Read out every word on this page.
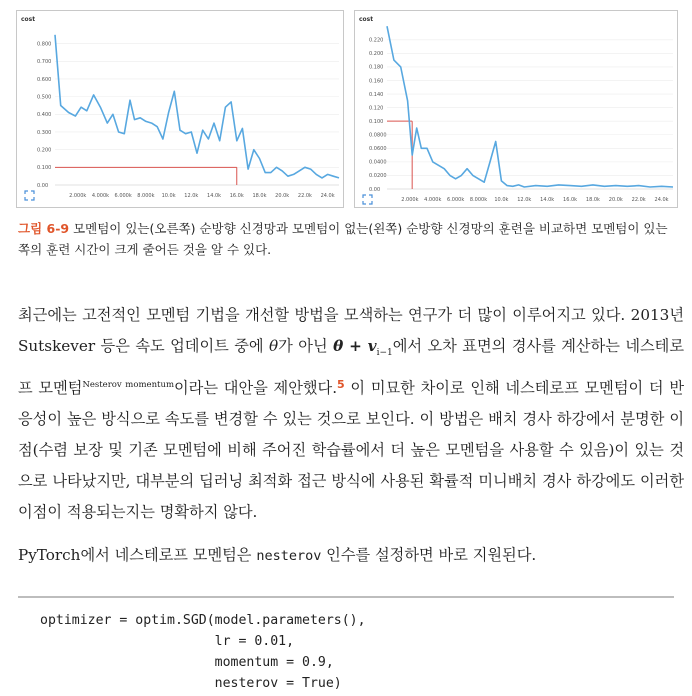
cost
0.800
0.700
0.600
0.500
0.400
0.300
0.200
0.100
0.00
2.000k 4.000k 6.000k 8.000k 10.0k 12.0k 14.0k 16.0k 18.0k 20.0k 22.0k 24.0k
cost
0.220
0.200
0.180
0.160
0.140
0.120
0.100
0.0800
0.0600
0.0400
0.0200
0.00
2.000k 4.000k 6.000k 8.000k 10.0k 12.0k 14.0k 16.0k 18.0k 20.0k 22.0k 24.0k
그림 6-9 모멘텀이 있는(오른쪽) 순방향 신경망과 모멘텀이 없는(왼쪽) 순방향 신경망의 훈련을 비교하면 모멘텀이 있는 쪽의 훈련 시간이 크게 줄어든 것을 알 수 있다.

최근에는 고전적인 모멘텀 기법을 개선할 방법을 모색하는 연구가 더 많이 이루어지고 있다. 2013년 Sutskever 등은 속도 업데이트 중에 θ가 아닌 $\theta + v_{i-1}$에서 오차 표면의 경사를 계산하는 네스테로프 모멘텀$^{Nesterov momentum}$이라는 대안을 제안했다.$^5$ 이 미묘한 차이로 인해 네스테로프 모멘텀이 더 반응성이 높은 방식으로 속도를 변경할 수 있는 것으로 보인다. 이 방법은 배치 경사 하강에서 분명한 이점(수렴 보장 및 기존 모멘텀에 비해 주어진 학습률에서 더 높은 모멘텀을 사용할 수 있음)이 있는 것으로 나타났지만, 대부분의 딥러닝 최적화 접근 방식에 사용된 확률적 미니배치 경사 하강에도 이러한 이점이 적용되는지는 명확하지 않다.

PyTorch에서 네스테로프 모멘텀은 nesterov 인수를 설정하면 바로 지원된다.

optimizer = optim.SGD(model.parameters(),
lr = 0.01,
momentum = 0.9,
nesterov = True)
